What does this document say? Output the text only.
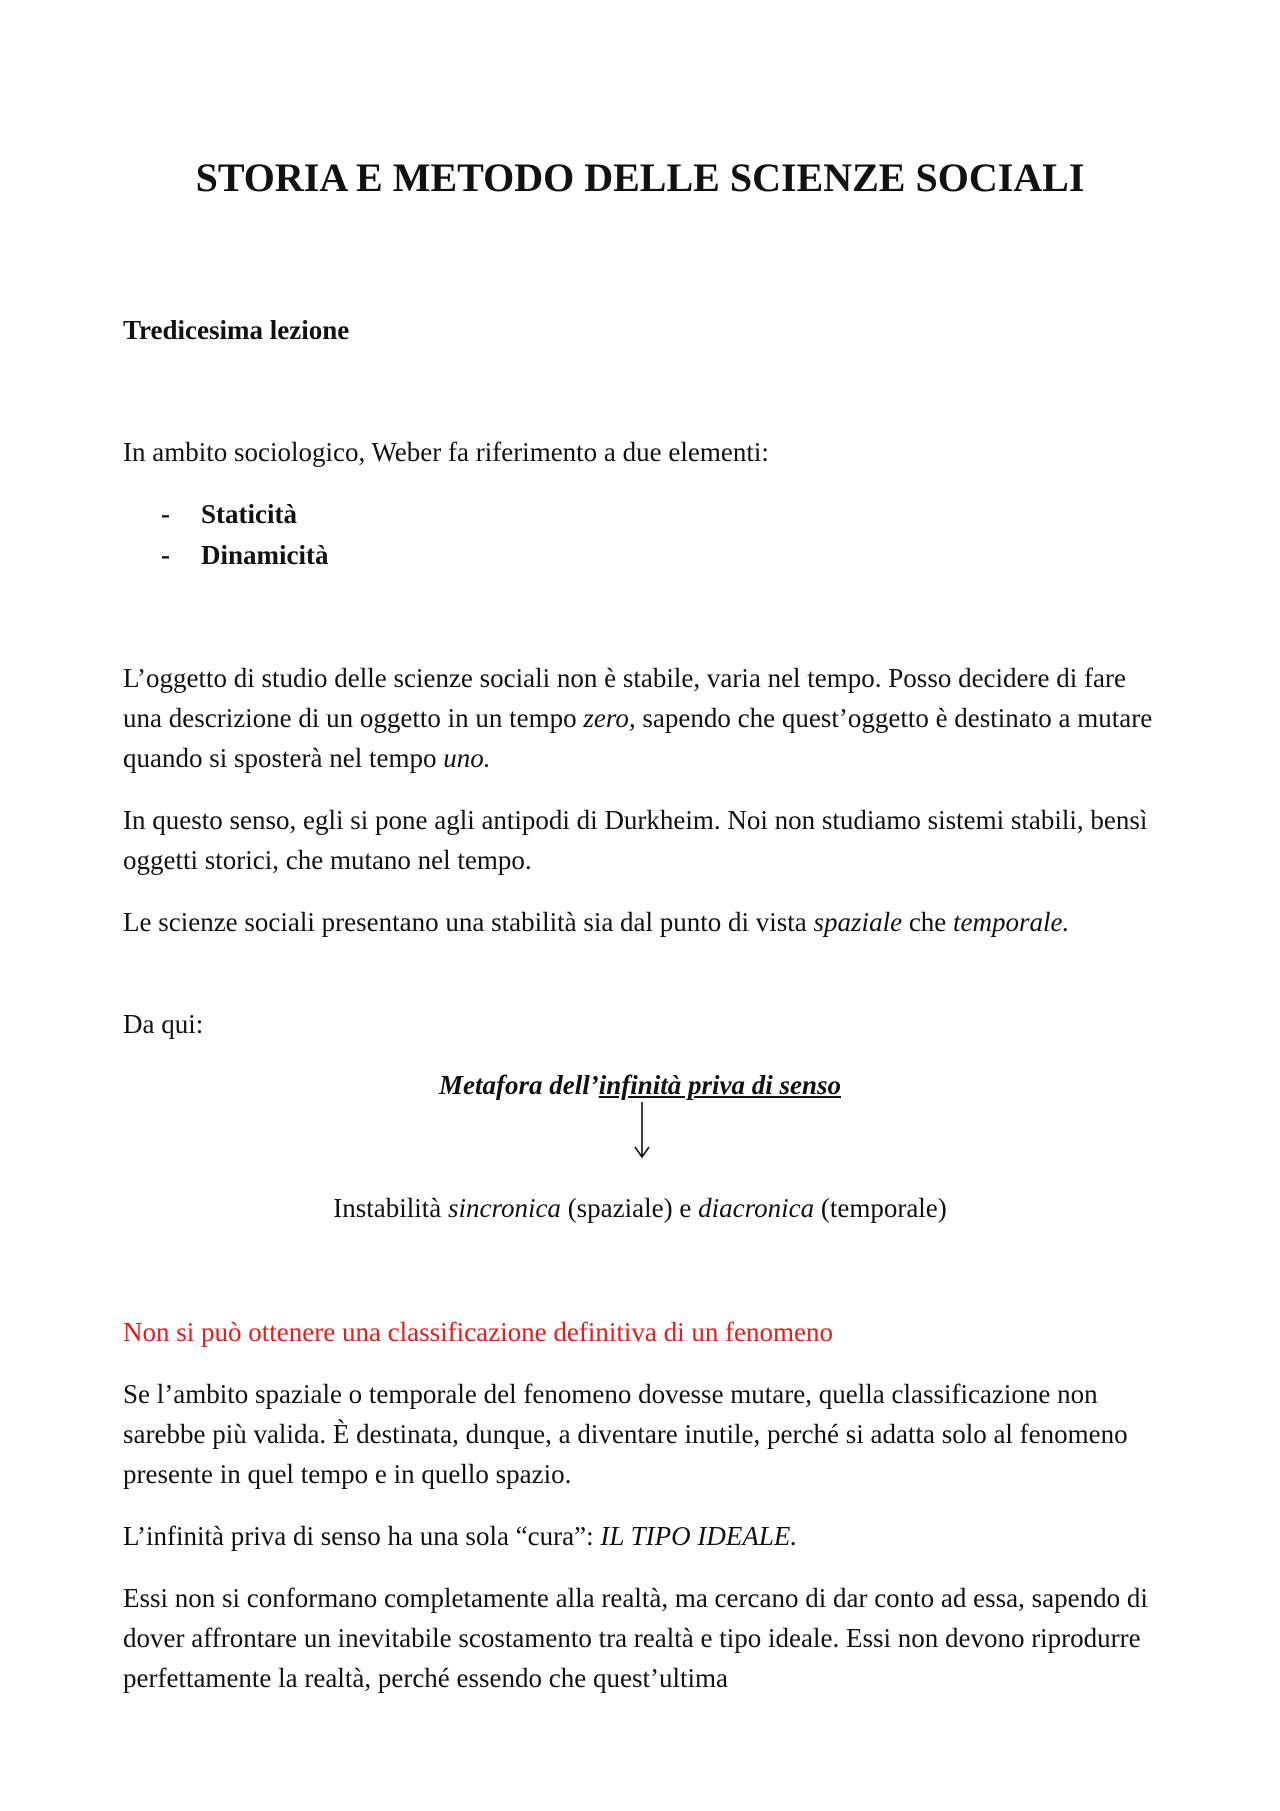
STORIA E METODO DELLE SCIENZE SOCIALI

Tredicesima lezione

In ambito sociologico, Weber fa riferimento a due elementi:

- Staticità
- Dinamicità

L’oggetto di studio delle scienze sociali non è stabile, varia nel tempo. Posso decidere di fare una descrizione di un oggetto in un tempo zero, sapendo che quest’oggetto è destinato a mutare quando si sposterà nel tempo uno.

In questo senso, egli si pone agli antipodi di Durkheim. Noi non studiamo sistemi stabili, bensì oggetti storici, che mutano nel tempo.

Le scienze sociali presentano una stabilità sia dal punto di vista spaziale che temporale.

Da qui:

Metafora dell’infinità priva di senso

Instabilità sincronica (spaziale) e diacronica (temporale)

Non si può ottenere una classificazione definitiva di un fenomeno

Se l’ambito spaziale o temporale del fenomeno dovesse mutare, quella classificazione non sarebbe più valida. È destinata, dunque, a diventare inutile, perché si adatta solo al fenomeno presente in quel tempo e in quello spazio.

L’infinità priva di senso ha una sola “cura”: IL TIPO IDEALE.

Essi non si conformano completamente alla realtà, ma cercano di dar conto ad essa, sapendo di dover affrontare un inevitabile scostamento tra realtà e tipo ideale. Essi non devono riprodurre perfettamente la realtà, perché essendo che quest’ultima
